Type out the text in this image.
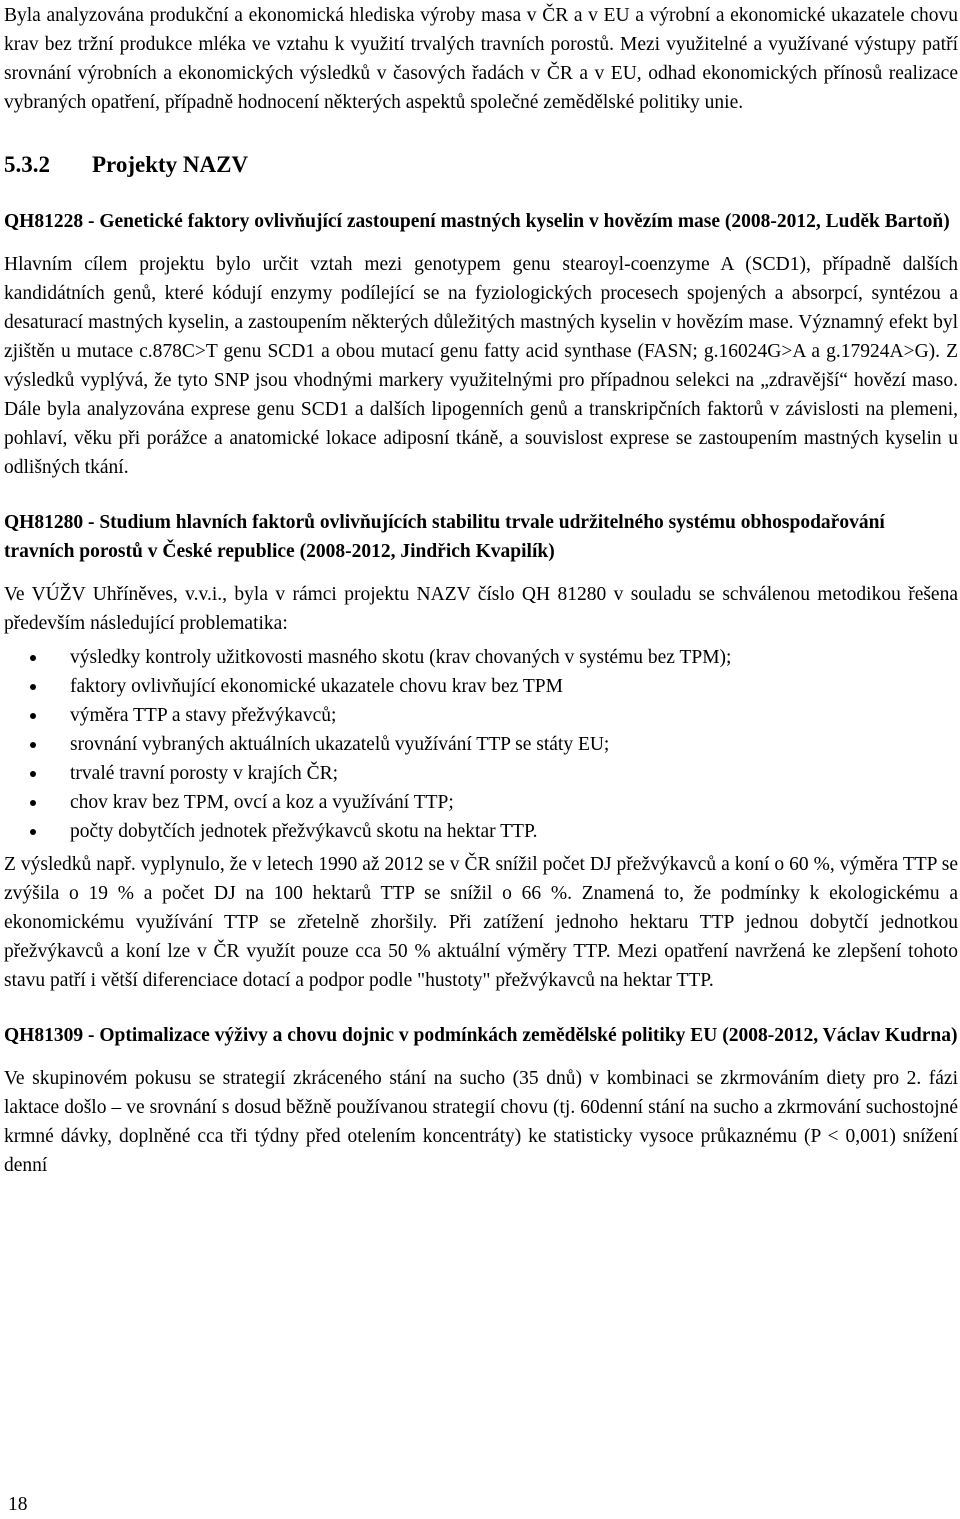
Byla analyzována produkční a ekonomická hlediska výroby masa v ČR a v EU a výrobní a ekonomické ukazatele chovu krav bez tržní produkce mléka ve vztahu k využití trvalých travních porostů. Mezi využitelné a využívané výstupy patří srovnání výrobních a ekonomických výsledků v časových řadách v ČR a v EU, odhad ekonomických přínosů realizace vybraných opatření, případně hodnocení některých aspektů společné zemědělské politiky unie.

5.3.2 Projekty NAZV

QH81228 - Genetické faktory ovlivňující zastoupení mastných kyselin v hovězím mase (2008-2012, Luděk Bartoň)

Hlavním cílem projektu bylo určit vztah mezi genotypem genu stearoyl-coenzyme A (SCD1), případně dalších kandidátních genů, které kódují enzymy podílející se na fyziologických procesech spojených a absorpcí, syntézou a desaturací mastných kyselin, a zastoupením některých důležitých mastných kyselin v hovězím mase. Významný efekt byl zjištěn u mutace c.878C>T genu SCD1 a obou mutací genu fatty acid synthase (FASN; g.16024G>A a g.17924A>G). Z výsledků vyplývá, že tyto SNP jsou vhodnými markery využitelnými pro případnou selekci na „zdravější“ hovězí maso. Dále byla analyzována exprese genu SCD1 a dalších lipogenních genů a transkripčních faktorů v závislosti na plemeni, pohlaví, věku při porážce a anatomické lokace adiposní tkáně, a souvislost exprese se zastoupením mastných kyselin u odlišných tkání.

QH81280 - Studium hlavních faktorů ovlivňujících stabilitu trvale udržitelného systému obhospodařování travních porostů v České republice (2008-2012, Jindřich Kvapilík)

Ve VÚŽV Uhříněves, v.v.i., byla v rámci projektu NAZV číslo QH 81280 v souladu se schválenou metodikou řešena především následující problematika:

výsledky kontroly užitkovosti masného skotu (krav chovaných v systému bez TPM);
faktory ovlivňující ekonomické ukazatele chovu krav bez TPM
výměra TTP a stavy přežvýkavců;
srovnání vybraných aktuálních ukazatelů využívání TTP se státy EU;
trvalé travní porosty v krajích ČR;
chov krav bez TPM, ovcí a koz a využívání TTP;
počty dobytčích jednotek přežvýkavců skotu na hektar TTP.

Z výsledků např. vyplynulo, že v letech 1990 až 2012 se v ČR snížil počet DJ přežvýkavců a koní o 60 %, výměra TTP se zvýšila o 19 % a počet DJ na 100 hektarů TTP se snížil o 66 %. Znamená to, že podmínky k ekologickému a ekonomickému využívání TTP se zřetelně zhoršily. Při zatížení jednoho hektaru TTP jednou dobytčí jednotkou přežvýkavců a koní lze v ČR využít pouze cca 50 % aktuální výměry TTP. Mezi opatření navržená ke zlepšení tohoto stavu patří i větší diferenciace dotací a podpor podle "hustoty" přežvýkavců na hektar TTP.

QH81309 - Optimalizace výživy a chovu dojnic v podmínkách zemědělské politiky EU (2008-2012, Václav Kudrna)

Ve skupinovém pokusu se strategií zkráceného stání na sucho (35 dnů) v kombinaci se zkrmováním diety pro 2. fázi laktace došlo – ve srovnání s dosud běžně používanou strategií chovu (tj. 60denní stání na sucho a zkrmování suchostojné krmné dávky, doplněné cca tři týdny před otelením koncentráty) ke statisticky vysoce průkaznému (P < 0,001) snížení denní

18
